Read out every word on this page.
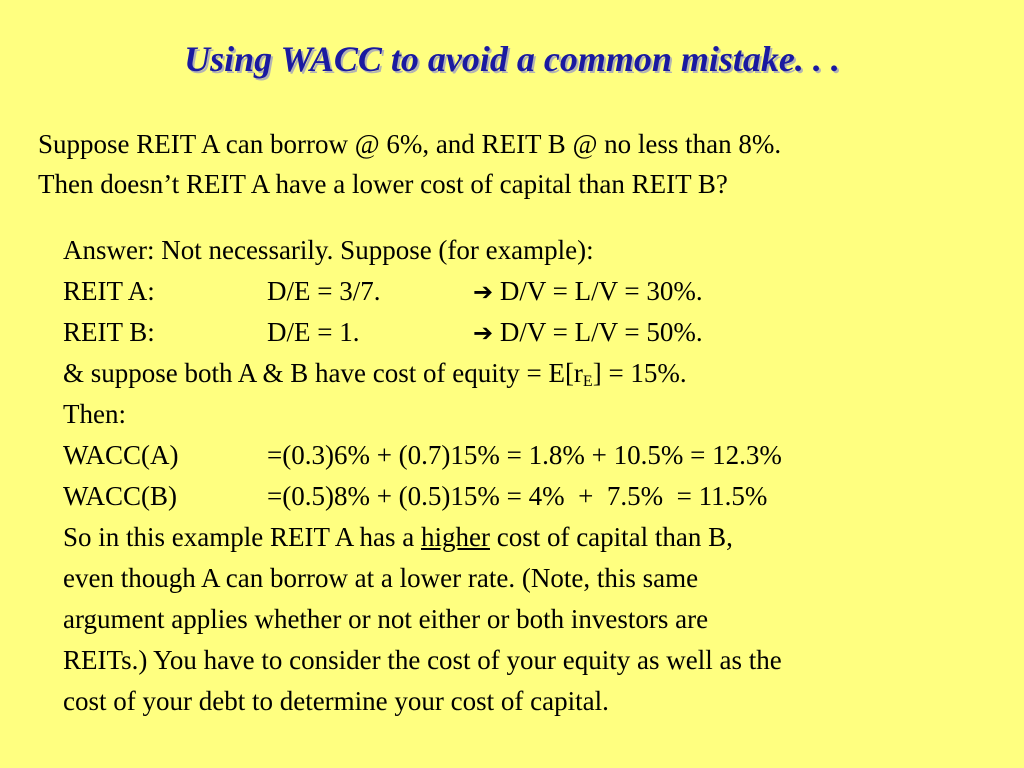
Using WACC to avoid a common mistake. . .
Suppose REIT A can borrow @ 6%, and REIT B @ no less than 8%.
Then doesn’t REIT A have a lower cost of capital than REIT B?
Answer: Not necessarily. Suppose (for example):
REIT A:	D/E = 3/7.	➔ D/V = L/V = 30%.
REIT B:	D/E = 1.	➔ D/V = L/V = 50%.
& suppose both A & B have cost of equity = $E[r_E] = 15\%$.
Then:
WACC(A)	=(0.3)6% + (0.7)15% = 1.8% + 10.5% = 12.3%
WACC(B)	=(0.5)8% + (0.5)15% = 4%  +  7.5%  = 11.5%
So in this example REIT A has a higher cost of capital than B,
even though A can borrow at a lower rate. (Note, this same
argument applies whether or not either or both investors are
REITs.) You have to consider the cost of your equity as well as the
cost of your debt to determine your cost of capital.
